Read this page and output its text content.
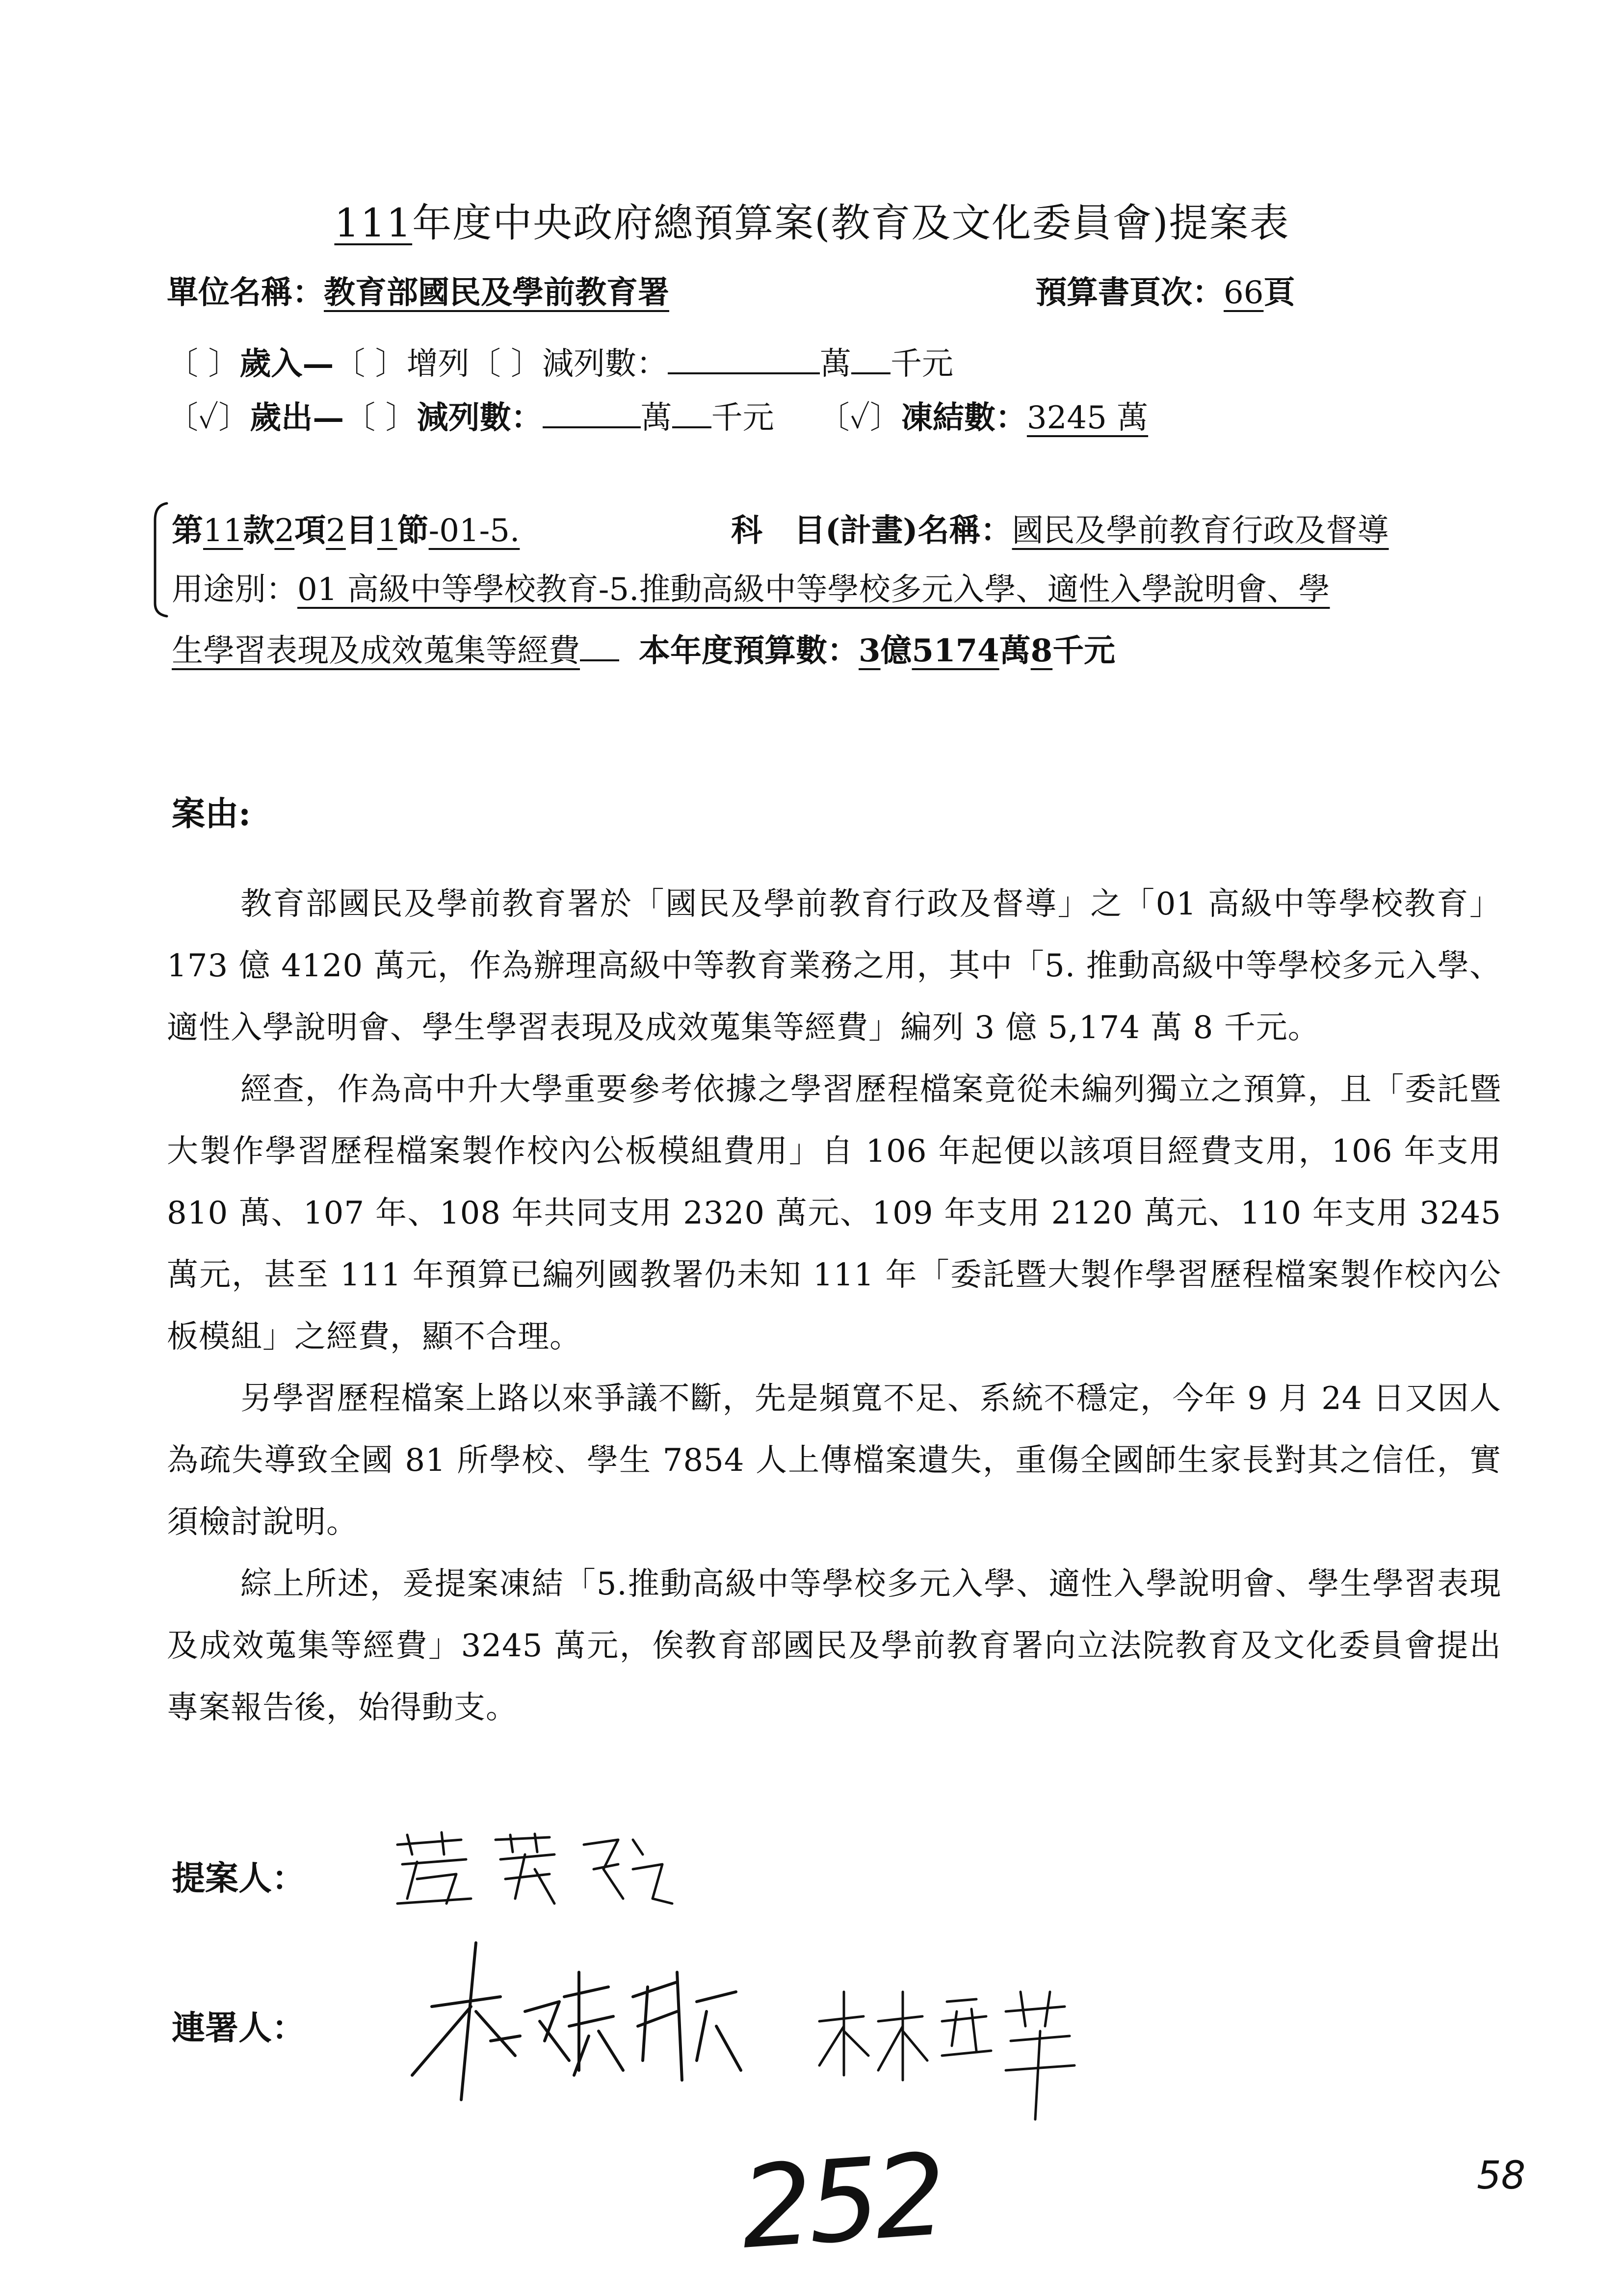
111年度中央政府總預算案(教育及文化委員會)提案表
單位名稱：教育部國民及學前教育署	預算書頁次：66頁
〔 〕歲入—〔 〕增列〔 〕減列數：	萬 千元
〔✓〕歲出—〔 〕減列數：	萬 千元 〔✓〕凍結數：3245 萬
第11款2項2目1節-01-5.	科　目(計畫)名稱：國民及學前教育行政及督導
用途別：01 高級中等學校教育-5.推動高級中等學校多元入學、適性入學說明會、學
生學習表現及成效蒐集等經費 本年度預算數：3億5174萬8千元
案由:

教育部國民及學前教育署於「國民及學前教育行政及督導」之「01 高級中等學校教育」173 億 4120 萬元，作為辦理高級中等教育業務之用，其中「5. 推動高級中等學校多元入學、適性入學說明會、學生學習表現及成效蒐集等經費」編列 3 億 5,174 萬 8 千元。

經查，作為高中升大學重要參考依據之學習歷程檔案竟從未編列獨立之預算，且「委託暨大製作學習歷程檔案製作校內公板模組費用」自 106 年起便以該項目經費支用，106 年支用 810 萬、107 年、108 年共同支用 2320 萬元、109 年支用 2120 萬元、110 年支用 3245 萬元，甚至 111 年預算已編列國教署仍未知 111 年「委託暨大製作學習歷程檔案製作校內公板模組」之經費，顯不合理。

另學習歷程檔案上路以來爭議不斷，先是頻寬不足、系統不穩定，今年 9 月 24 日又因人為疏失導致全國 81 所學校、學生 7854 人上傳檔案遺失，重傷全國師生家長對其之信任，實須檢討說明。

綜上所述，爰提案凍結「5.推動高級中等學校多元入學、適性入學說明會、學生學習表現及成效蒐集等經費」3245 萬元，俟教育部國民及學前教育署向立法院教育及文化委員會提出專案報告後，始得動支。

提案人：
連署人：
252	58
